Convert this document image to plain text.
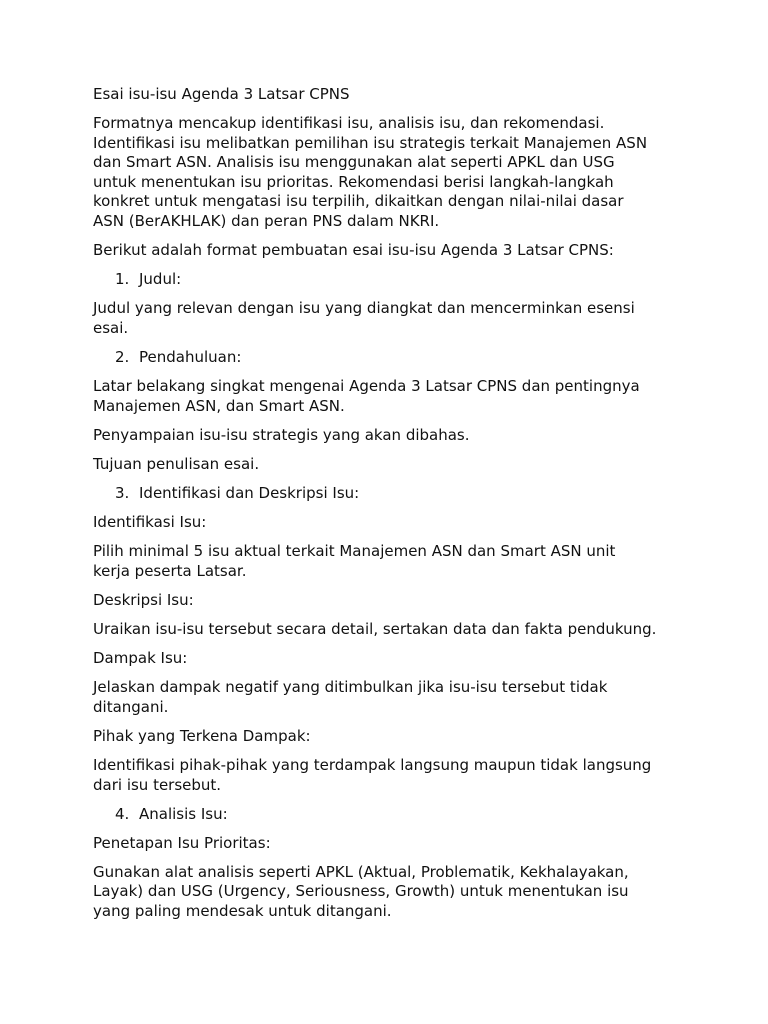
Esai isu-isu Agenda 3 Latsar CPNS

Formatnya mencakup identifikasi isu, analisis isu, dan rekomendasi.
Identifikasi isu melibatkan pemilihan isu strategis terkait Manajemen ASN
dan Smart ASN. Analisis isu menggunakan alat seperti APKL dan USG
untuk menentukan isu prioritas. Rekomendasi berisi langkah-langkah
konkret untuk mengatasi isu terpilih, dikaitkan dengan nilai-nilai dasar
ASN (BerAKHLAK) dan peran PNS dalam NKRI.

Berikut adalah format pembuatan esai isu-isu Agenda 3 Latsar CPNS:

1. Judul:

Judul yang relevan dengan isu yang diangkat dan mencerminkan esensi
esai.

2. Pendahuluan:

Latar belakang singkat mengenai Agenda 3 Latsar CPNS dan pentingnya
Manajemen ASN, dan Smart ASN.

Penyampaian isu-isu strategis yang akan dibahas.

Tujuan penulisan esai.

3. Identifikasi dan Deskripsi Isu:

Identifikasi Isu:

Pilih minimal 5 isu aktual terkait Manajemen ASN dan Smart ASN unit
kerja peserta Latsar.

Deskripsi Isu:

Uraikan isu-isu tersebut secara detail, sertakan data dan fakta pendukung.

Dampak Isu:

Jelaskan dampak negatif yang ditimbulkan jika isu-isu tersebut tidak
ditangani.

Pihak yang Terkena Dampak:

Identifikasi pihak-pihak yang terdampak langsung maupun tidak langsung
dari isu tersebut.

4. Analisis Isu:

Penetapan Isu Prioritas:

Gunakan alat analisis seperti APKL (Aktual, Problematik, Kekhalayakan,
Layak) dan USG (Urgency, Seriousness, Growth) untuk menentukan isu
yang paling mendesak untuk ditangani.
